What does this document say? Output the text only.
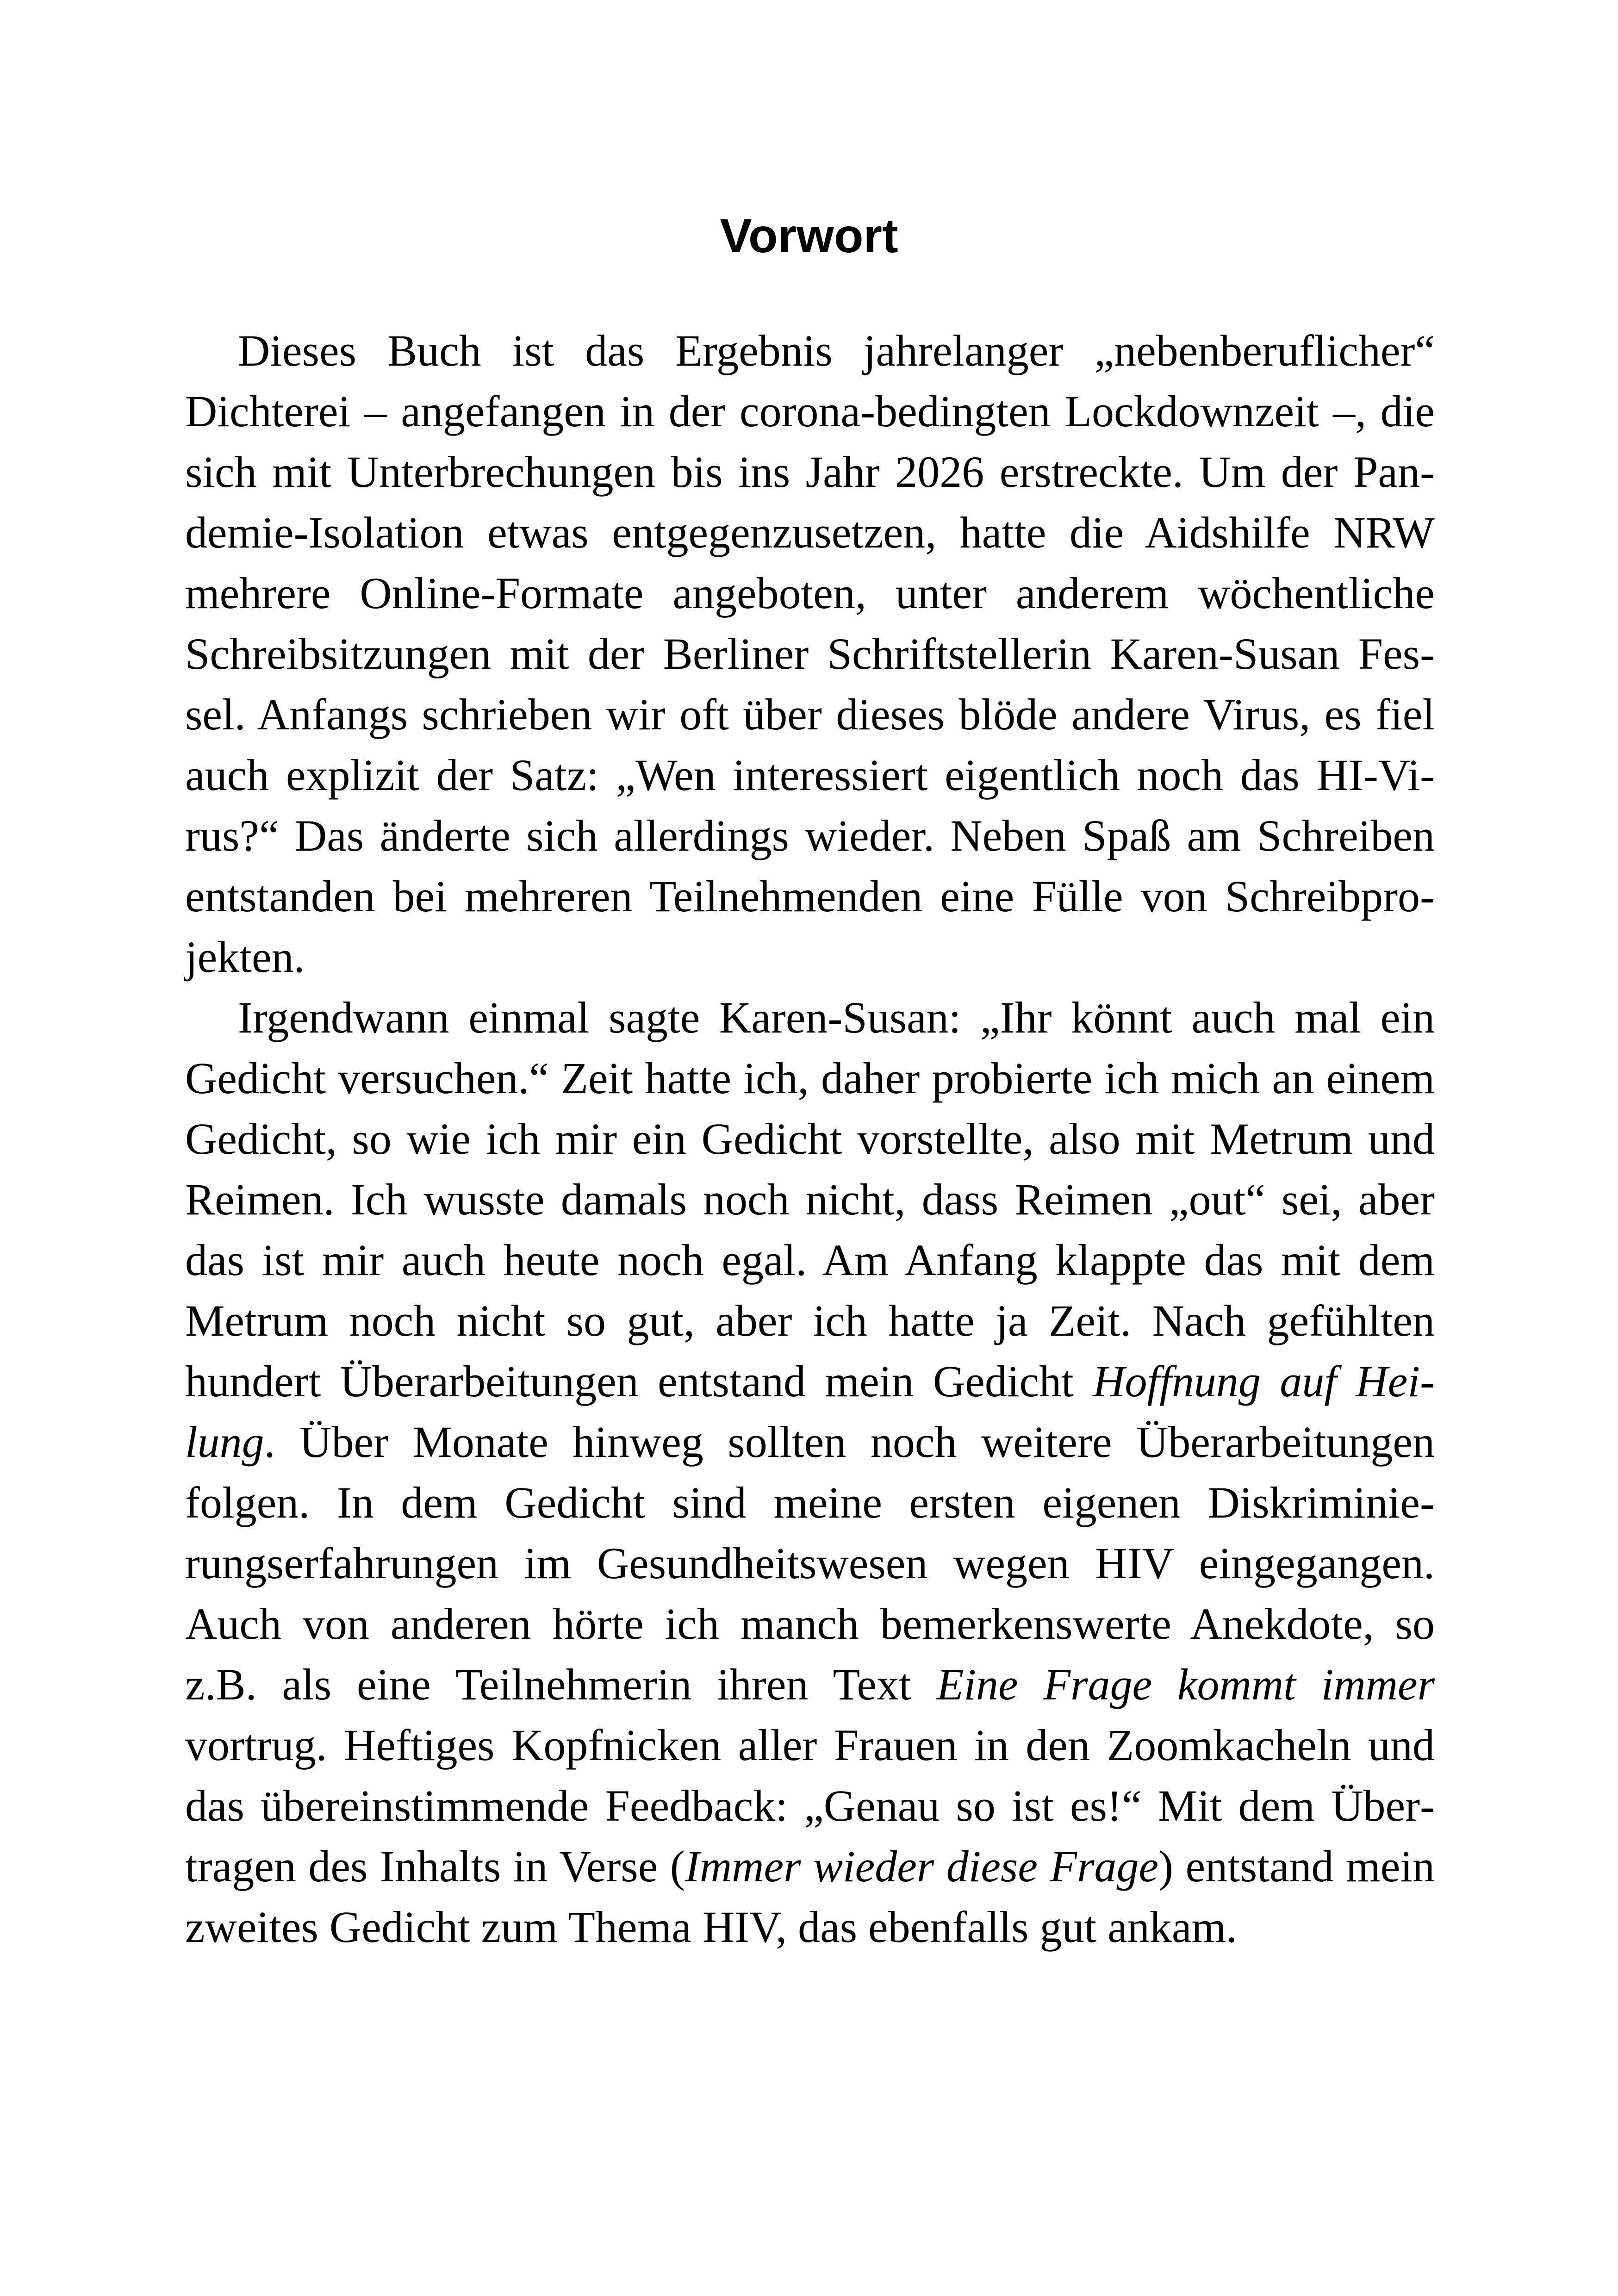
Vorwort

Dieses Buch ist das Ergebnis jahrelanger „nebenberuflicher“ Dichterei – angefangen in der corona-bedingten Lockdownzeit –, die sich mit Unterbrechungen bis ins Jahr 2026 erstreckte. Um der Pandemie-Isolation etwas entgegenzusetzen, hatte die Aidshilfe NRW mehrere Online-Formate angeboten, unter anderem wöchentliche Schreibsitzungen mit der Berliner Schriftstellerin Karen-Susan Fessel. Anfangs schrieben wir oft über dieses blöde andere Virus, es fiel auch explizit der Satz: „Wen interessiert eigentlich noch das HI-Virus?“ Das änderte sich allerdings wieder. Neben Spaß am Schreiben entstanden bei mehreren Teilnehmenden eine Fülle von Schreibprojekten.

Irgendwann einmal sagte Karen-Susan: „Ihr könnt auch mal ein Gedicht versuchen.“ Zeit hatte ich, daher probierte ich mich an einem Gedicht, so wie ich mir ein Gedicht vorstellte, also mit Metrum und Reimen. Ich wusste damals noch nicht, dass Reimen „out“ sei, aber das ist mir auch heute noch egal. Am Anfang klappte das mit dem Metrum noch nicht so gut, aber ich hatte ja Zeit. Nach gefühlten hundert Überarbeitungen entstand mein Gedicht Hoffnung auf Heilung. Über Monate hinweg sollten noch weitere Überarbeitungen folgen. In dem Gedicht sind meine ersten eigenen Diskriminierungserfahrungen im Gesundheitswesen wegen HIV eingegangen. Auch von anderen hörte ich manch bemerkenswerte Anekdote, so z.B. als eine Teilnehmerin ihren Text Eine Frage kommt immer vortrug. Heftiges Kopfnicken aller Frauen in den Zoomkacheln und das übereinstimmende Feedback: „Genau so ist es!“ Mit dem Übertragen des Inhalts in Verse (Immer wieder diese Frage) entstand mein zweites Gedicht zum Thema HIV, das ebenfalls gut ankam.
